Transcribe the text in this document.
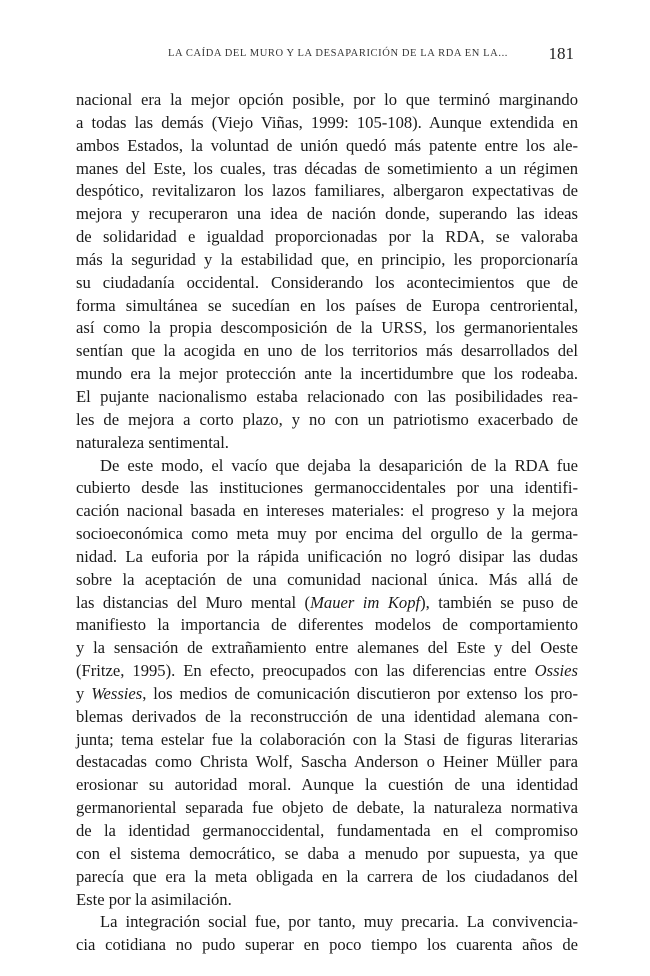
LA CAÍDA DEL MURO Y LA DESAPARICIÓN DE LA RDA EN LA... 181
nacional era la mejor opción posible, por lo que terminó marginando
a todas las demás (Viejo Viñas, 1999: 105-108). Aunque extendida en
ambos Estados, la voluntad de unión quedó más patente entre los ale-
manes del Este, los cuales, tras décadas de sometimiento a un régimen
despótico, revitalizaron los lazos familiares, albergaron expectativas de
mejora y recuperaron una idea de nación donde, superando las ideas
de solidaridad e igualdad proporcionadas por la RDA, se valoraba
más la seguridad y la estabilidad que, en principio, les proporcionaría
su ciudadanía occidental. Considerando los acontecimientos que de
forma simultánea se sucedían en los países de Europa centroriental,
así como la propia descomposición de la URSS, los germanorientales
sentían que la acogida en uno de los territorios más desarrollados del
mundo era la mejor protección ante la incertidumbre que los rodeaba.
El pujante nacionalismo estaba relacionado con las posibilidades rea-
les de mejora a corto plazo, y no con un patriotismo exacerbado de
naturaleza sentimental.
De este modo, el vacío que dejaba la desaparición de la RDA fue
cubierto desde las instituciones germanoccidentales por una identifi-
cación nacional basada en intereses materiales: el progreso y la mejora
socioeconómica como meta muy por encima del orgullo de la germa-
nidad. La euforia por la rápida unificación no logró disipar las dudas
sobre la aceptación de una comunidad nacional única. Más allá de
las distancias del Muro mental (Mauer im Kopf), también se puso de
manifiesto la importancia de diferentes modelos de comportamiento
y la sensación de extrañamiento entre alemanes del Este y del Oeste
(Fritze, 1995). En efecto, preocupados con las diferencias entre Ossies
y Wessies, los medios de comunicación discutieron por extenso los pro-
blemas derivados de la reconstrucción de una identidad alemana con-
junta; tema estelar fue la colaboración con la Stasi de figuras literarias
destacadas como Christa Wolf, Sascha Anderson o Heiner Müller para
erosionar su autoridad moral. Aunque la cuestión de una identidad
germanoriental separada fue objeto de debate, la naturaleza normativa
de la identidad germanoccidental, fundamentada en el compromiso
con el sistema democrático, se daba a menudo por supuesta, ya que
parecía que era la meta obligada en la carrera de los ciudadanos del
Este por la asimilación.
La integración social fue, por tanto, muy precaria. La convivencia-
cia cotidiana no pudo superar en poco tiempo los cuarenta años de
